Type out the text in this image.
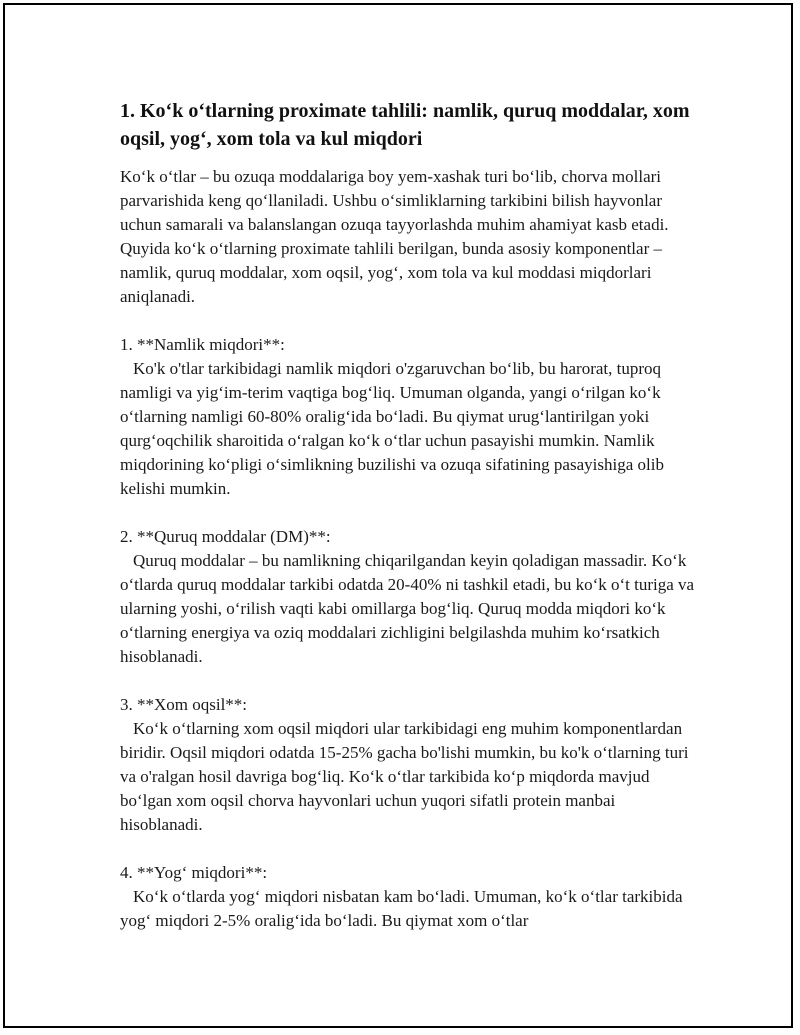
1. Ko‘k o‘tlarning proximate tahlili: namlik, quruq moddalar, xom oqsil, yog‘, xom tola va kul miqdori

Ko‘k o‘tlar – bu ozuqa moddalariga boy yem-xashak turi bo‘lib, chorva mollari parvarishida keng qo‘llaniladi. Ushbu o‘simliklarning tarkibini bilish hayvonlar uchun samarali va balanslangan ozuqa tayyorlashda muhim ahamiyat kasb etadi. Quyida ko‘k o‘tlarning proximate tahlili berilgan, bunda asosiy komponentlar – namlik, quruq moddalar, xom oqsil, yog‘, xom tola va kul moddasi miqdorlari aniqlanadi.

1. **Namlik miqdori**:

Ko'k o'tlar tarkibidagi namlik miqdori o'zgaruvchan bo‘lib, bu harorat, tuproq namligi va yig‘im-terim vaqtiga bog‘liq. Umuman olganda, yangi o‘rilgan ko‘k o‘tlarning namligi 60-80% oralig‘ida bo‘ladi. Bu qiymat urug‘lantirilgan yoki qurg‘oqchilik sharoitida o‘ralgan ko‘k o‘tlar uchun pasayishi mumkin. Namlik miqdorining ko‘pligi o‘simlikning buzilishi va ozuqa sifatining pasayishiga olib kelishi mumkin.

2. **Quruq moddalar (DM)**:

Quruq moddalar – bu namlikning chiqarilgandan keyin qoladigan massadir. Ko‘k o‘tlarda quruq moddalar tarkibi odatda 20-40% ni tashkil etadi, bu ko‘k o‘t turiga va ularning yoshi, o‘rilish vaqti kabi omillarga bog‘liq. Quruq modda miqdori ko‘k o‘tlarning energiya va oziq moddalari zichligini belgilashda muhim ko‘rsatkich hisoblanadi.

3. **Xom oqsil**:

Ko‘k o‘tlarning xom oqsil miqdori ular tarkibidagi eng muhim komponentlardan biridir. Oqsil miqdori odatda 15-25% gacha bo'lishi mumkin, bu ko'k o‘tlarning turi va o'ralgan hosil davriga bog‘liq. Ko‘k o‘tlar tarkibida ko‘p miqdorda mavjud bo‘lgan xom oqsil chorva hayvonlari uchun yuqori sifatli protein manbai hisoblanadi.

4. **Yog‘ miqdori**:

Ko‘k o‘tlarda yog‘ miqdori nisbatan kam bo‘ladi. Umuman, ko‘k o‘tlar tarkibida yog‘ miqdori 2-5% oralig‘ida bo‘ladi. Bu qiymat xom o‘tlar
